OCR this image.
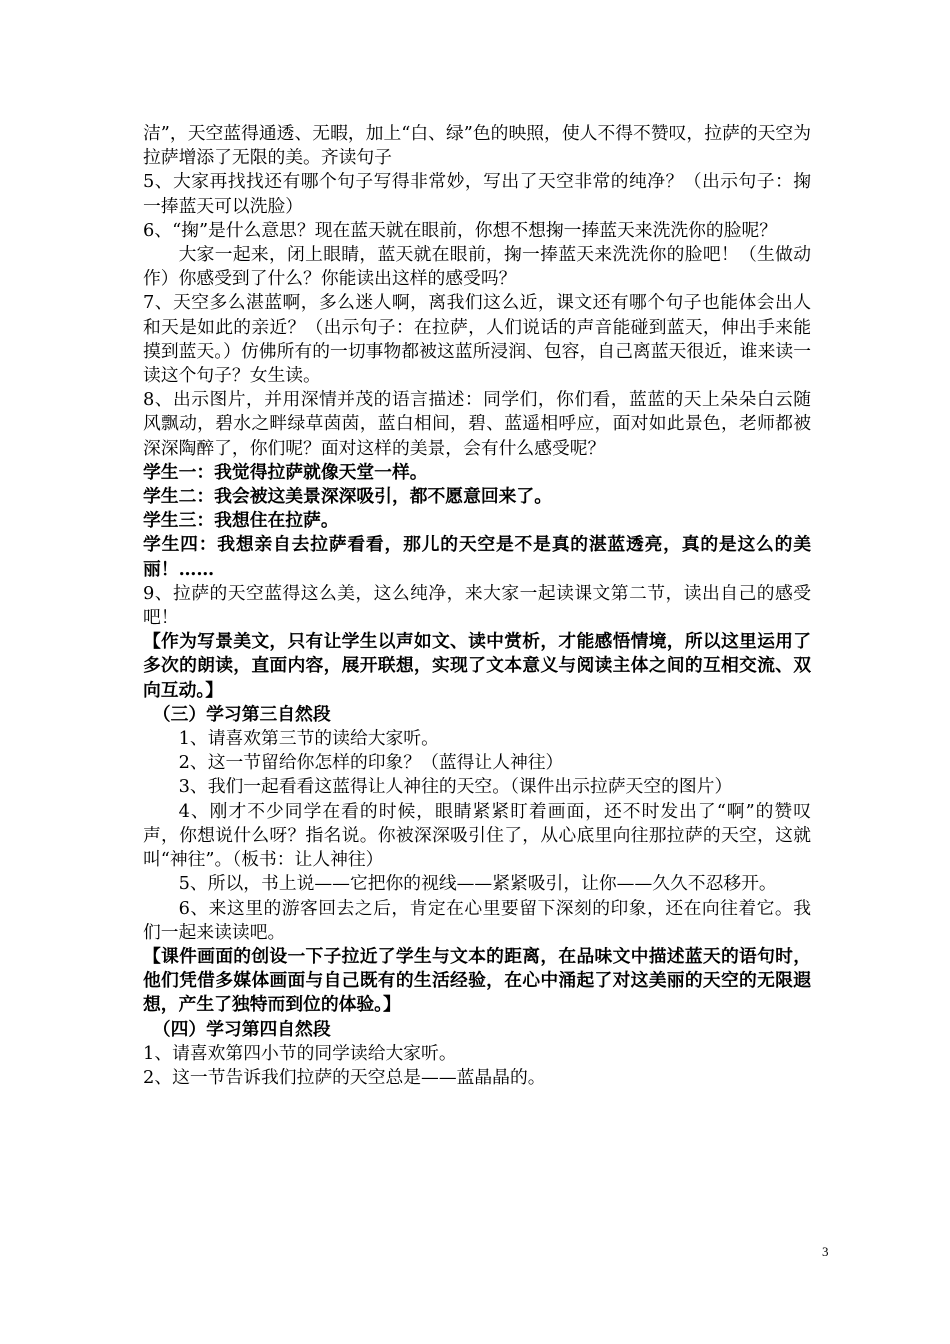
洁”，天空蓝得通透、无暇，加上“白、绿”色的映照，使人不得不赞叹，拉萨的天空为拉萨增添了无限的美。齐读句子

5、大家再找找还有哪个句子写得非常妙，写出了天空非常的纯净？（出示句子：掬一捧蓝天可以洗脸）

6、“掬”是什么意思？现在蓝天就在眼前，你想不想掬一捧蓝天来洗洗你的脸呢？

大家一起来，闭上眼睛，蓝天就在眼前，掬一捧蓝天来洗洗你的脸吧！（生做动作）你感受到了什么？你能读出这样的感受吗？

7、天空多么湛蓝啊，多么迷人啊，离我们这么近，课文还有哪个句子也能体会出人和天是如此的亲近？（出示句子：在拉萨，人们说话的声音能碰到蓝天，伸出手来能摸到蓝天。）仿佛所有的一切事物都被这蓝所浸润、包容，自己离蓝天很近，谁来读一读这个句子？女生读。

8、出示图片，并用深情并茂的语言描述：同学们，你们看，蓝蓝的天上朵朵白云随风飘动，碧水之畔绿草茵茵，蓝白相间，碧、蓝遥相呼应，面对如此景色，老师都被深深陶醉了，你们呢？面对这样的美景，会有什么感受呢？

学生一：我觉得拉萨就像天堂一样。

学生二：我会被这美景深深吸引，都不愿意回来了。

学生三：我想住在拉萨。

学生四：我想亲自去拉萨看看，那儿的天空是不是真的湛蓝透亮，真的是这么的美丽！……

9、拉萨的天空蓝得这么美，这么纯净，来大家一起读课文第二节，读出自己的感受吧！

【作为写景美文，只有让学生以声如文、读中赏析，才能感悟情境，所以这里运用了多次的朗读，直面内容，展开联想，实现了文本意义与阅读主体之间的互相交流、双向互动。】

（三）学习第三自然段

1、请喜欢第三节的读给大家听。

2、这一节留给你怎样的印象？（蓝得让人神往）

3、我们一起看看这蓝得让人神往的天空。（课件出示拉萨天空的图片）

4、刚才不少同学在看的时候，眼睛紧紧盯着画面，还不时发出了“啊”的赞叹声，你想说什么呀？指名说。你被深深吸引住了，从心底里向往那拉萨的天空，这就叫“神往”。（板书：让人神往）

5、所以，书上说——它把你的视线——紧紧吸引，让你——久久不忍移开。

6、来这里的游客回去之后，肯定在心里要留下深刻的印象，还在向往着它。我们一起来读读吧。

【课件画面的创设一下子拉近了学生与文本的距离，在品味文中描述蓝天的语句时，他们凭借多媒体画面与自己既有的生活经验，在心中涌起了对这美丽的天空的无限遐想，产生了独特而到位的体验。】

（四）学习第四自然段

1、请喜欢第四小节的同学读给大家听。

2、这一节告诉我们拉萨的天空总是——蓝晶晶的。

3
